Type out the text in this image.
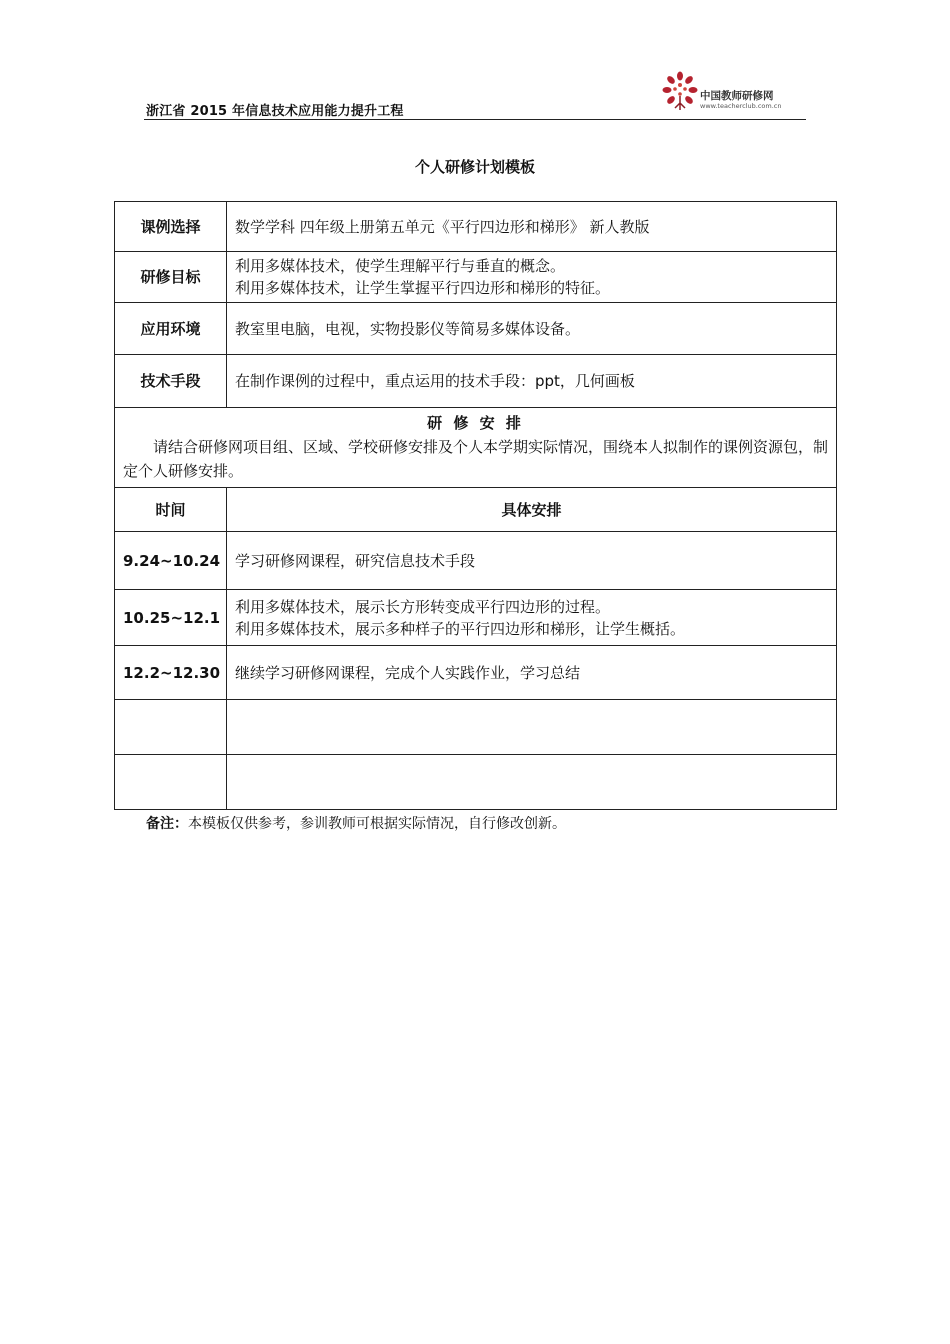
浙江省 2015 年信息技术应用能力提升工程
中国教师研修网
www.teacherclub.com.cn
个人研修计划模板
课例选择	数学学科 四年级上册第五单元《平行四边形和梯形》 新人教版
研修目标	利用多媒体技术，使学生理解平行与垂直的概念。
利用多媒体技术，让学生掌握平行四边形和梯形的特征。

应用环境	教室里电脑，电视，实物投影仪等简易多媒体设备。
技术手段	在制作课例的过程中，重点运用的技术手段：ppt，几何画板

研 修 安 排
请结合研修网项目组、区域、学校研修安排及个人本学期实际情况，围绕本人拟制作的课例资源包，制定个人研修安排。	

时间	具体安排
9.24~10.24	学习研修网课程，研究信息技术手段
10.25~12.1	利用多媒体技术，展示长方形转变成平行四边形的过程。
利用多媒体技术，展示多种样子的平行四边形和梯形，让学生概括。

12.2~12.30	继续学习研修网课程，完成个人实践作业，学习总结

备注：本模板仅供参考，参训教师可根据实际情况，自行修改创新。
